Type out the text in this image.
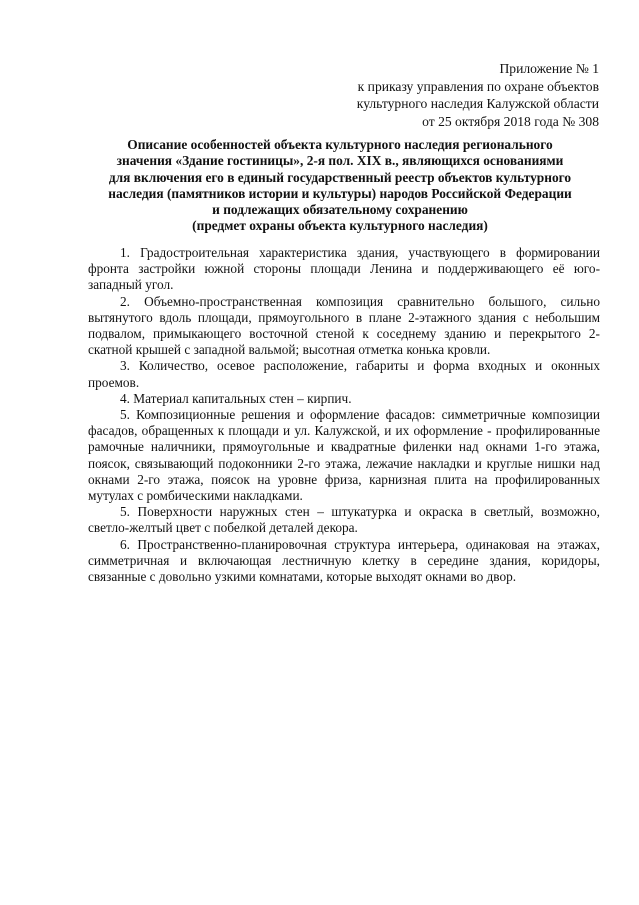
Приложение № 1
к приказу управления по охране объектов
культурного наследия Калужской области
от 25 октября 2018 года № 308
Описание особенностей объекта культурного наследия регионального
значения «Здание гостиницы», 2-я пол. XIX в., являющихся основаниями
для включения его в единый государственный реестр объектов культурного
наследия (памятников истории и культуры) народов Российской Федерации
и подлежащих обязательному сохранению
(предмет охраны объекта культурного наследия)

1. Градостроительная характеристика здания, участвующего в формировании фронта застройки южной стороны площади Ленина и поддерживающего её юго-западный угол.

2. Объемно-пространственная композиция сравнительно большого, сильно вытянутого вдоль площади, прямоугольного в плане 2-этажного здания с небольшим подвалом, примыкающего восточной стеной к соседнему зданию и перекрытого 2-скатной крышей с западной вальмой; высотная отметка конька кровли.

3. Количество, осевое расположение, габариты и форма входных и оконных проемов.

4. Материал капитальных стен – кирпич.

5. Композиционные решения и оформление фасадов: симметричные композиции фасадов, обращенных к площади и ул. Калужской, и их оформление - профилированные рамочные наличники, прямоугольные и квадратные филенки над окнами 1-го этажа, поясок, связывающий подоконники 2-го этажа, лежачие накладки и круглые нишки над окнами 2-го этажа, поясок на уровне фриза, карнизная плита на профилированных мутулах с ромбическими накладками.

5. Поверхности наружных стен – штукатурка и окраска в светлый, возможно, светло-желтый цвет с побелкой деталей декора.

6. Пространственно-планировочная структура интерьера, одинаковая на этажах, симметричная и включающая лестничную клетку в середине здания, коридоры, связанные с довольно узкими комнатами, которые выходят окнами во двор.
